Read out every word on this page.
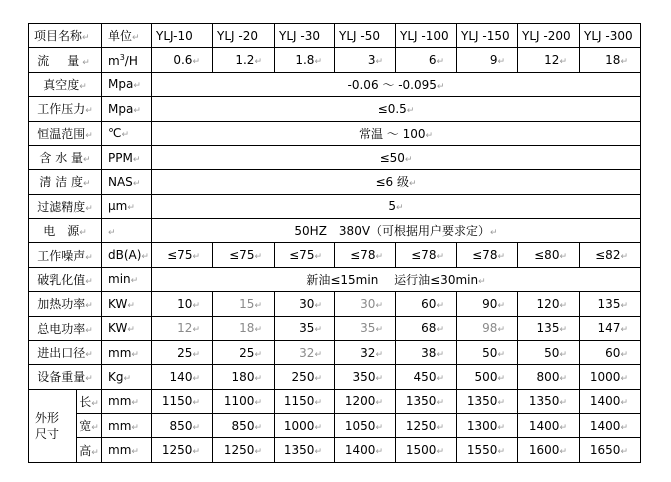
项目名称↵		单位↵	YLJ-10	YLJ -20	YLJ -30	YLJ -50	YLJ -100	YLJ -150	YLJ -200	YLJ -300
流　量↵		$m^3/H$	0.6↵	1.2↵	1.8↵	3↵	6↵	9↵	12↵	18↵
真空度↵		Mpa↵	-0.06 ～ -0.095↵							
工作压力↵		Mpa↵	≤0.5↵							
恒温范围↵		℃↵	常温 ～ 100↵							
含 水 量↵		PPM↵	≤50↵							
清 洁 度↵		NAS↵	≤6 级↵							
过滤精度↵		μm↵	5↵							
电　源↵		↵	50HZ　380V（可根据用户要求定）↵							
工作噪声↵		dB(A)↵	≤75↵	≤75↵	≤75↵	≤78↵	≤78↵	≤78↵	≤80↵	≤82↵
破乳化值↵		min↵	新油≤15min　 运行油≤30min↵							
加热功率↵		KW↵	10↵	15↵	30↵	30↵	60↵	90↵	120↵	135↵
总电功率↵		KW↵	12↵	18↵	35↵	35↵	68↵	98↵	135↵	147↵
进出口径↵		mm↵	25↵	25↵	32↵	32↵	38↵	50↵	50↵	60↵
设备重量↵		Kg↵	140↵	180↵	250↵	350↵	450↵	500↵	800↵	1000↵

外形
尺寸	长↵	mm↵	1150↵	1100↵	1150↵	1200↵	1350↵	1350↵	1350↵	1400↵
	宽↵	mm↵	850↵	850↵	1000↵	1050↵	1250↵	1300↵	1400↵	1400↵
	高↵	mm↵	1250↵	1250↵	1350↵	1400↵	1500↵	1550↵	1600↵	1650↵
